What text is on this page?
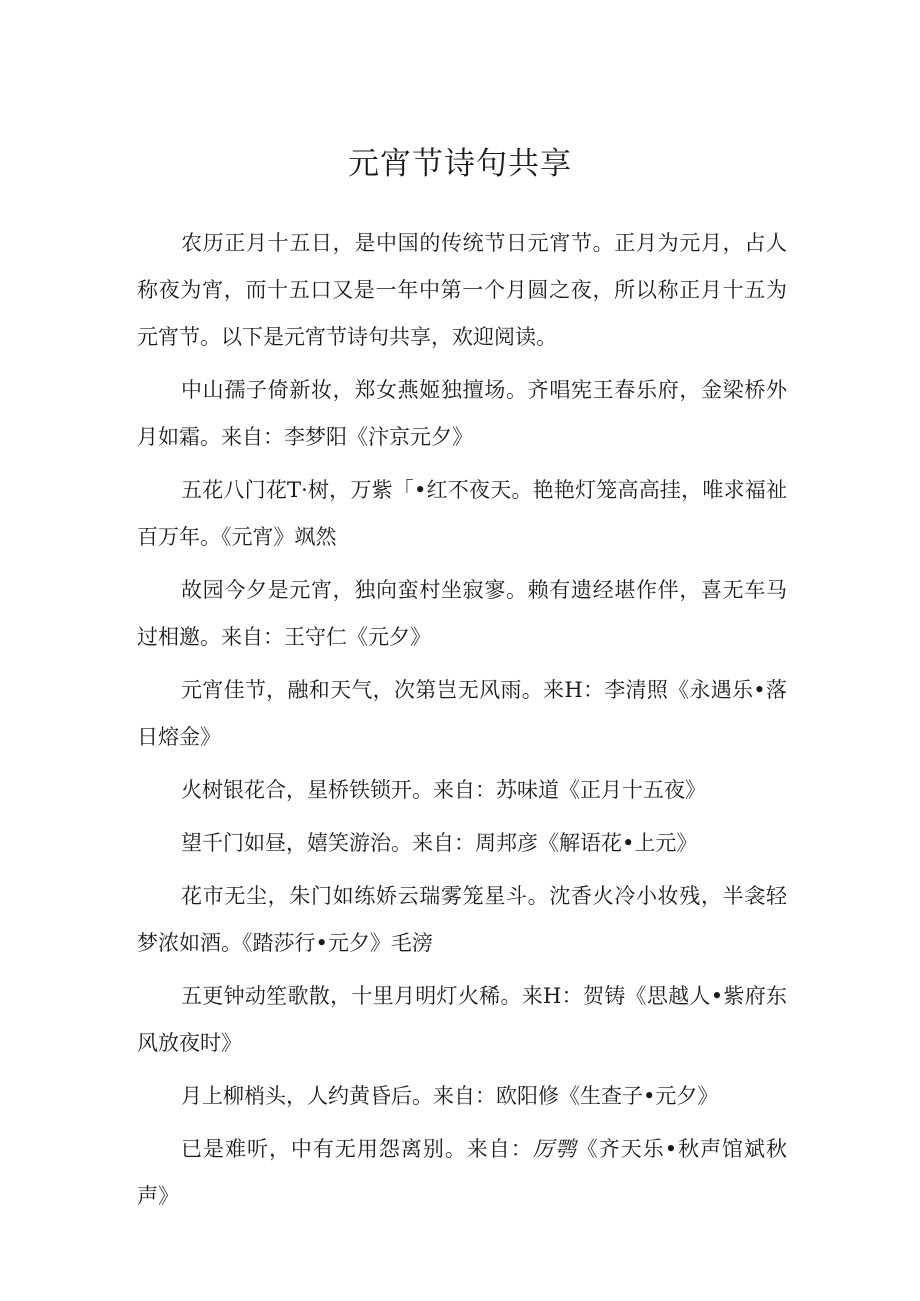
元宵节诗句共享

农历正月十五日，是中国的传统节日元宵节。正月为元月，占人称夜为宵，而十五口又是一年中第一个月圆之夜，所以称正月十五为元宵节。以下是元宵节诗句共享，欢迎阅读。

中山孺子倚新妆，郑女燕姬独擅场。齐唱宪王春乐府，金梁桥外月如霜。来自：李梦阳《汴京元夕》

五花八门花T·树，万紫「•红不夜天。艳艳灯笼高高挂，唯求福祉百万年。《元宵》飒然

故园今夕是元宵，独向蛮村坐寂寥。赖有遗经堪作伴，喜无车马过相邀。来自：王守仁《元夕》

元宵佳节，融和天气，次第岂无风雨。来H：李清照《永遇乐•落日熔金》

火树银花合，星桥铁锁开。来自：苏味道《正月十五夜》

望千门如昼，嬉笑游治。来自：周邦彦《解语花•上元》

花市无尘，朱门如练娇云瑞雾笼星斗。沈香火冷小妆残，半衾轻梦浓如酒。《踏莎行•元夕》毛滂

五更钟动笙歌散，十里月明灯火稀。来H：贺铸《思越人•紫府东风放夜时》

月上柳梢头，人约黄昏后。来自：欧阳修《生查子•元夕》

已是难听，中有无用怨离别。来自：厉鹗《齐天乐•秋声馆斌秋声》
